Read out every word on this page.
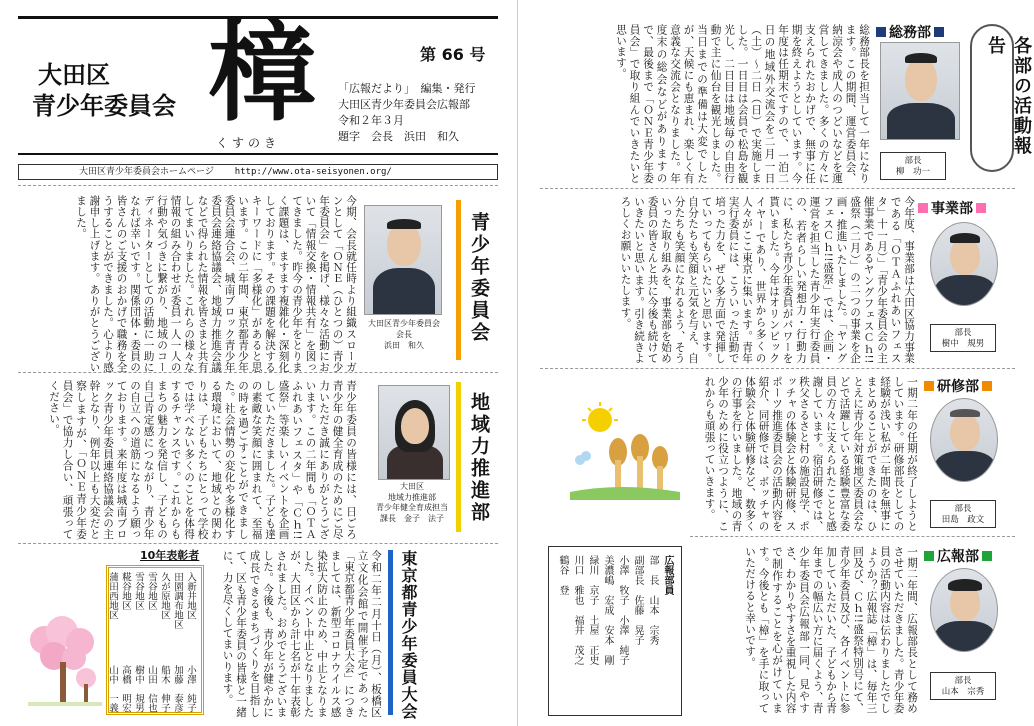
大田区
青少年委員会 樟
くすのき
第 66 号
「広報だより」　編集・発行
大田区青少年委員会広報部
令和２年３月
題字　会長　浜田　和久
大田区青少年委員会ホームページ http://www.ota-seisyonen.org/
青少年委員会
大田区青少年委員会
会長
浜田　和久
今期、会長就任時より組織スローガンとして「ＯＮＥ（ひとつの）青少年委員会」を掲げ、様々な活動において「情報交換・情報共有」を図ってきました。昨今の青少年をとりまく課題は、ますます複雑化・深刻化しております。その課題を解決するキーワードに「多様化」があると思います。この二年間、東京都青少年委員会連合会、城南ブロック青少年委員会連絡協議会、地域力推進会議などで得られた情報を皆さまと共有してまいりました。これらの様々な情報の組み合わせが委員一人一人の行動や気づきに繋がり、地域のコーディネーターとしての活動に一助になれば幸いです。関係団体・委員の皆さんのご支援のおかげで職務を全うすることができました。心より感謝申し上げます。ありがとうございました。
地域力推進部
大田区
地域力推進部
青少年健全育成担当
課長　金子　法子
青少年委員の皆様には、日ごろ青少年の健全育成のためにご尽力いただき誠にありがとうございます。この二年間も「ＯＴＡふれあいフェスタ」や「Ｃｈ!!盛祭」等楽しいイベントを企画していただきました。子ども達の素敵な笑顔に囲まれて、至福の時を過ごすことができました。社会情勢の変化や多様化する環境において、地域との関わりは、子どもたちにとって学校では学べない多くのことを体得するチャンスです。これからもまちの魅力を発信し、子どもの自己肯定感につながり、青少年の自立への道筋になるよう願っております。来年度は城南ブロック青少年委員連絡協議会の主幹となり、例年以上も大変だと察しますが、「ＯＮＥ青少年委員会」で協力し合い、頑張ってください。
東京都青少年委員大会
令和二年二月十日（月）、板橋区立文化会館で開催予定であった「東京都青少年委員大会」につきましては、新型コロナウイルス感染拡大防止のため、中止となりました。イベント中止となりましたが、大田区から計七名が十年表彰されました。おめでとうございました。今後も、青少年が健やかに成長できるまちづくりを目指して、区も青少年委員の皆様と一緒に、力を尽くしてまいります。
入新井地区
小澤　純子
田園調布地区
加藤　泰彦
久が原地区
船木　伸子
雪谷地区
山田　信也
雪谷地区
樹中　規男
糀谷地区
高橋　明宏
蒲田西地区
山中　一義
10年表彰者
各部の活動報告
総務部
部長
柳　功一
総務部長を担当して一年になります。この期間、運営委員会、納涼会や成人のつどいなどを運営してきました。多くの方々に支えられたおかげで、無事に任期を終えようとしています。今年度は任期末ですので、一泊二日の地域外交流会を二月一日（土）～二日（日）で実施しました。一日目は会員で松島を観光し、二日目は地域毎の自由行動で主に仙台を観光しました。当日までの準備は大変でしたが、天候にも恵まれ、楽しく有意義な交流会となりました。年度末の総会などがありますので、最後まで「ＯＮＥ青少年委員会」で取り組んでいきたいと思います。
事業部
部長
樹中　規男
今年度、事業部は大田区協力事業である「ＯＴＡふれあいフェスタ」十一月）」「青少年委員会の主催事業であるヤングフェスＣｈ!!盛祭（二月）」の二つの事業を企画・推進いたしました。「ヤングフェスＣｈ!!盛祭」では、企画・運営を担当した青少年実行委員の、若者らしい発想力・行動力に、私たち青少年委員がパワーを貰いました。今年はオリンピックイヤーであり、世界から多くの人々がここ東京に集います。青年実行委員には、こういった活動で培った力を、ぜひ多方面で発揮していってもらいたいと思います。自分たちも笑顔と元気を与え、自分たちも笑顔になれるよう、そういった取り組みを、事業部を始め委員の皆さんと共に今後も続けていきたいと思います。引き続きよろしくお願いいたします。
研修部
部長
田島　政文
一期二年の任期が終了しようとしています。研修部長としての経験が浅い私が二年間を無事にまとめることができたのは、ひとえに青少年対策地区委員会などで活躍している経験豊富な委員の方々に支えられたことと感謝しています。宿泊研修では、秩父さるさと村の施設見学、ポッチャの体験会と体験研修、スポーツ推進委員会の活動内容を紹介、同研修では、ボッチャの体験会と体験研修など、数多くの行事を行いました。地域の青少年のために役立つように、これからも頑張っていきます。
広報部
部長
山本　宗秀
一期二年間、広報部長として務めさせていただきました。青少年委員の活動内容は伝わりましたでしょうか？広報誌「樟」は、毎年三回及び、Ｃｈ!!盛祭特別号にて、青少年委員及び、各イベントに参加していただいた、子どもから青年までの幅広い方に届くよう、青少年委員会広報部一同、見やすさ、わかりやすさを重視した内容で制作することを心がけています。今後とも「樟」を手に取っていただけると幸いです。
広報部員
部　長　山本　宗秀
副部長　佐藤　晃子
小澤　牧子　小澤　純子
美濃嶋　宏成　安本　剛
緑川　京子　土屋　正史
川口　雅也　福井　茂之
鶴谷　登
